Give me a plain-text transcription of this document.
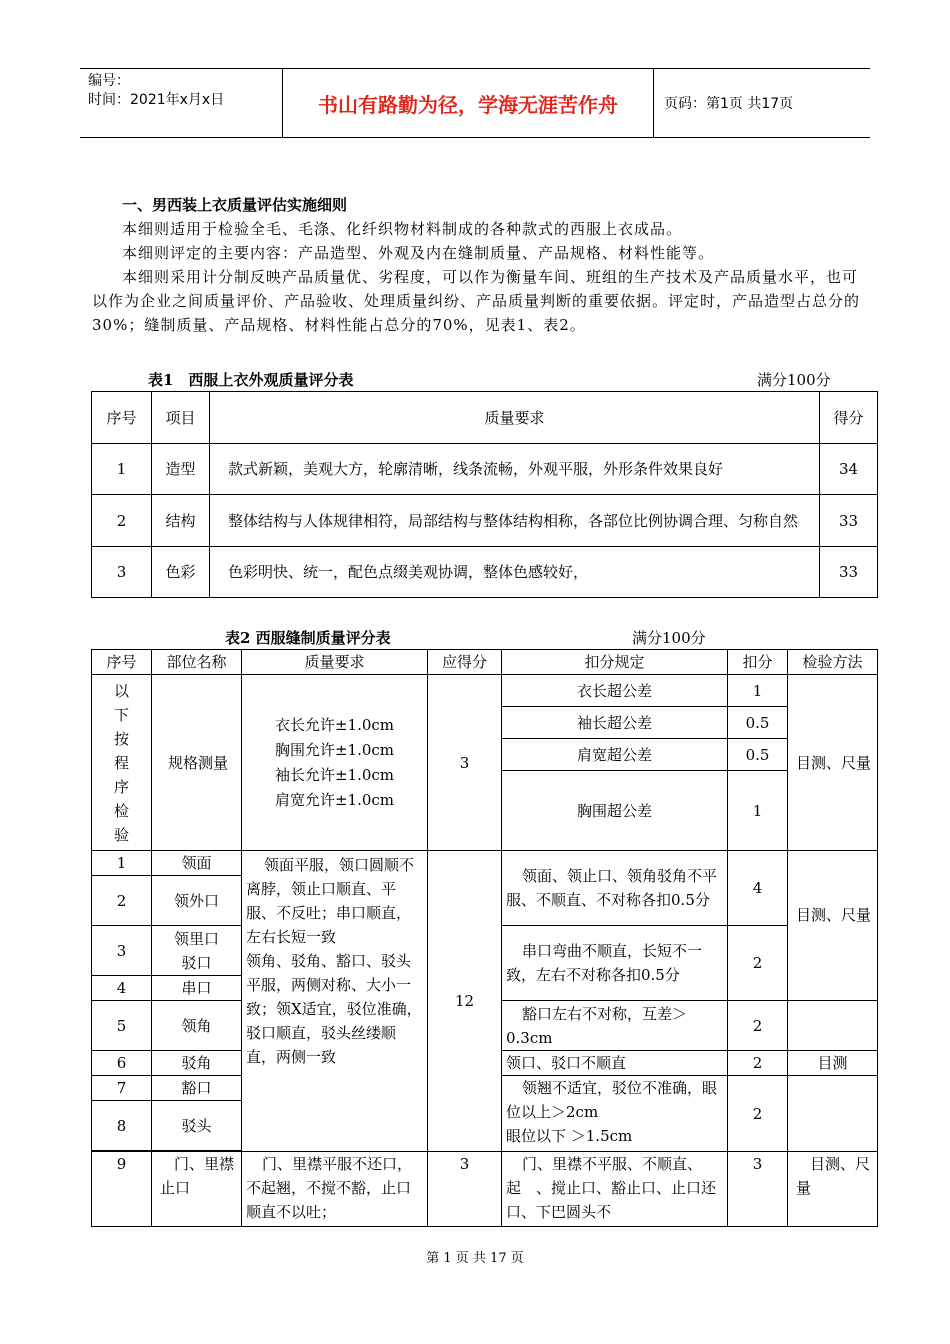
编号：
时间：2021年x月x日	书山有路勤为径，学海无涯苦作舟	页码：第1页 共17页
一、男西装上衣质量评估实施细则
本细则适用于检验全毛、毛涤、化纤织物材料制成的各种款式的西服上衣成品。
本细则评定的主要内容：产品造型、外观及内在缝制质量、产品规格、材料性能等。
本细则采用计分制反映产品质量优、劣程度，可以作为衡量车间、班组的生产技术及产品质量水平，也可以作为企业之间质量评价、产品验收、处理质量纠纷、产品质量判断的重要依据。评定时，产品造型占总分的30%；缝制质量、产品规格、材料性能占总分的70%，见表1、表2。
表1　西服上衣外观质量评分表	满分100分
序号	项目	质量要求	得分
1	造型	款式新颖，美观大方，轮廓清晰，线条流畅，外观平服，外形条件效果良好	34
2	结构	整体结构与人体规律相符，局部结构与整体结构相称，各部位比例协调合理、匀称自然	33
3	色彩	色彩明快、统一，配色点缀美观协调，整体色感较好，	33
表2 西服缝制质量评分表	满分100分
序号	部位名称	质量要求	应得分	扣分规定	扣分	检验方法
以下按程序检验	规格测量	衣长允许±1.0cm
胸围允许±1.0cm
袖长允许±1.0cm
肩宽允许±1.0cm	3	衣长超公差	1	目测、尺量
				袖长超公差	0.5	
				肩宽超公差	0.5	
				胸围超公差	1	
1	领面	领面平服，领口圆顺不离脖，领止口顺直、平服、不反吐；串口顺直，左右长短一致
领角、驳角、豁口、驳头平服，两侧对称、大小一致；领X适宜，驳位准确，驳口顺直，驳头丝缕顺直，两侧一致	12	领面、领止口、领角驳角不平服、不顺直、不对称各扣0.5分	4	目测、尺量
2	领外口					
3	领里口驳口			串口弯曲不顺直，长短不一致，左右不对称各扣0.5分	2	
4	串口					
5	领角			豁口左右不对称，互差＞0.3cm	2	
6	驳角			领口、驳口不顺直	2	目测
7	豁口			领翘不适宜，驳位不准确，眼位以上＞2cm
眼位以下 ＞1.5cm	2	
8	驳头					

9	门、里襟止口	门、里襟平服不还口，不起翘，不搅不豁，止口顺直不以吐；	3	门、里襟不平服、不顺直、起　、搅止口、豁止口、止口还口、下巴圆头不	3	目测、尺量
第 1 页 共 17 页
